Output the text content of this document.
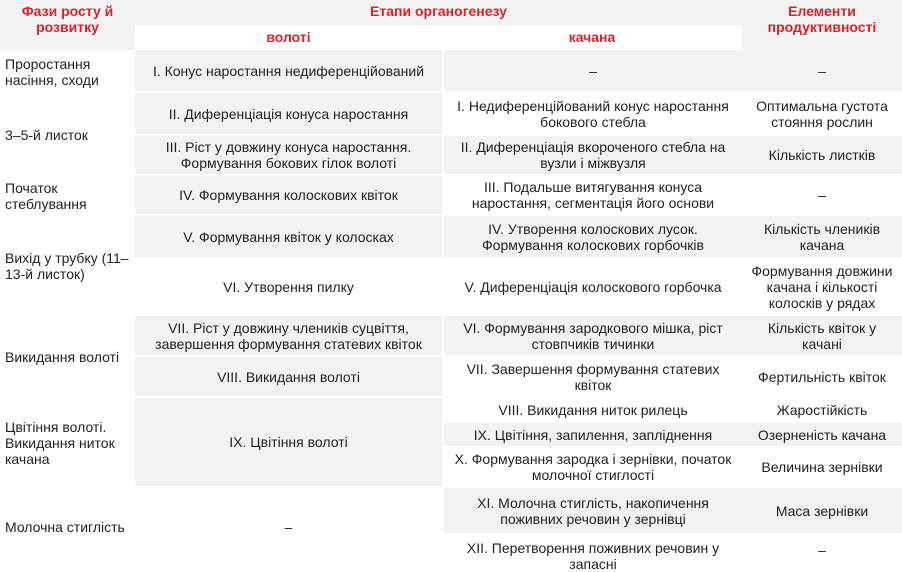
Фази росту й розвитку
Етапи органогенезу	Елементи продуктивності
волоті	качана
Проростання насіння, сходи
3–5-й листок
Початок стеблування
Вихід у трубку (11–13-й листок)
Викидання волоті
Цвітіння волоті. Викидання ниток качана
Молочна стиглість
І. Конус наростання недиференційований
ІІ. Диференціація конуса наростання
ІІІ. Ріст у довжину конуса наростання. Формування бокових гілок волоті
ІV. Формування колоскових квіток
V. Формування квіток у колосках
VІ. Утворення пилку
VІІ. Ріст у довжину члеників суцвіття, завершення формування статевих квіток
VІІІ. Викидання волоті
ІХ. Цвітіння волоті
–
–
І. Недиференційований конус наростання бокового стебла
ІІ. Диференціація вкороченого стебла на вузли і міжвузля
ІІІ. Подальше витягування конуса наростання, сегментація його основи
ІV. Утворення колоскових лусок. Формування колоскових горбочків
V. Диференціація колоскового горбочка
VІ. Формування зародкового мішка, ріст стовпчиків тичинки
VІІ. Завершення формування статевих квіток
VІІІ. Викидання ниток рилець
ІХ. Цвітіння, запилення, запліднення
Х. Формування зародка і зернівки, початок молочної стиглості
ХІ. Молочна стиглість, накопичення поживних речовин у зернівці
ХІІ. Перетворення поживних речовин у запасні
–
Оптимальна густота стояння рослин
Кількість листків
–
Кількість члеників качана
Формування довжини качана і кількості колосків у рядах
Кількість квіток у качані
Фертильність квіток
Жаростійкість
Озерненість качана
Величина зернівки
Маса зернівки
–
